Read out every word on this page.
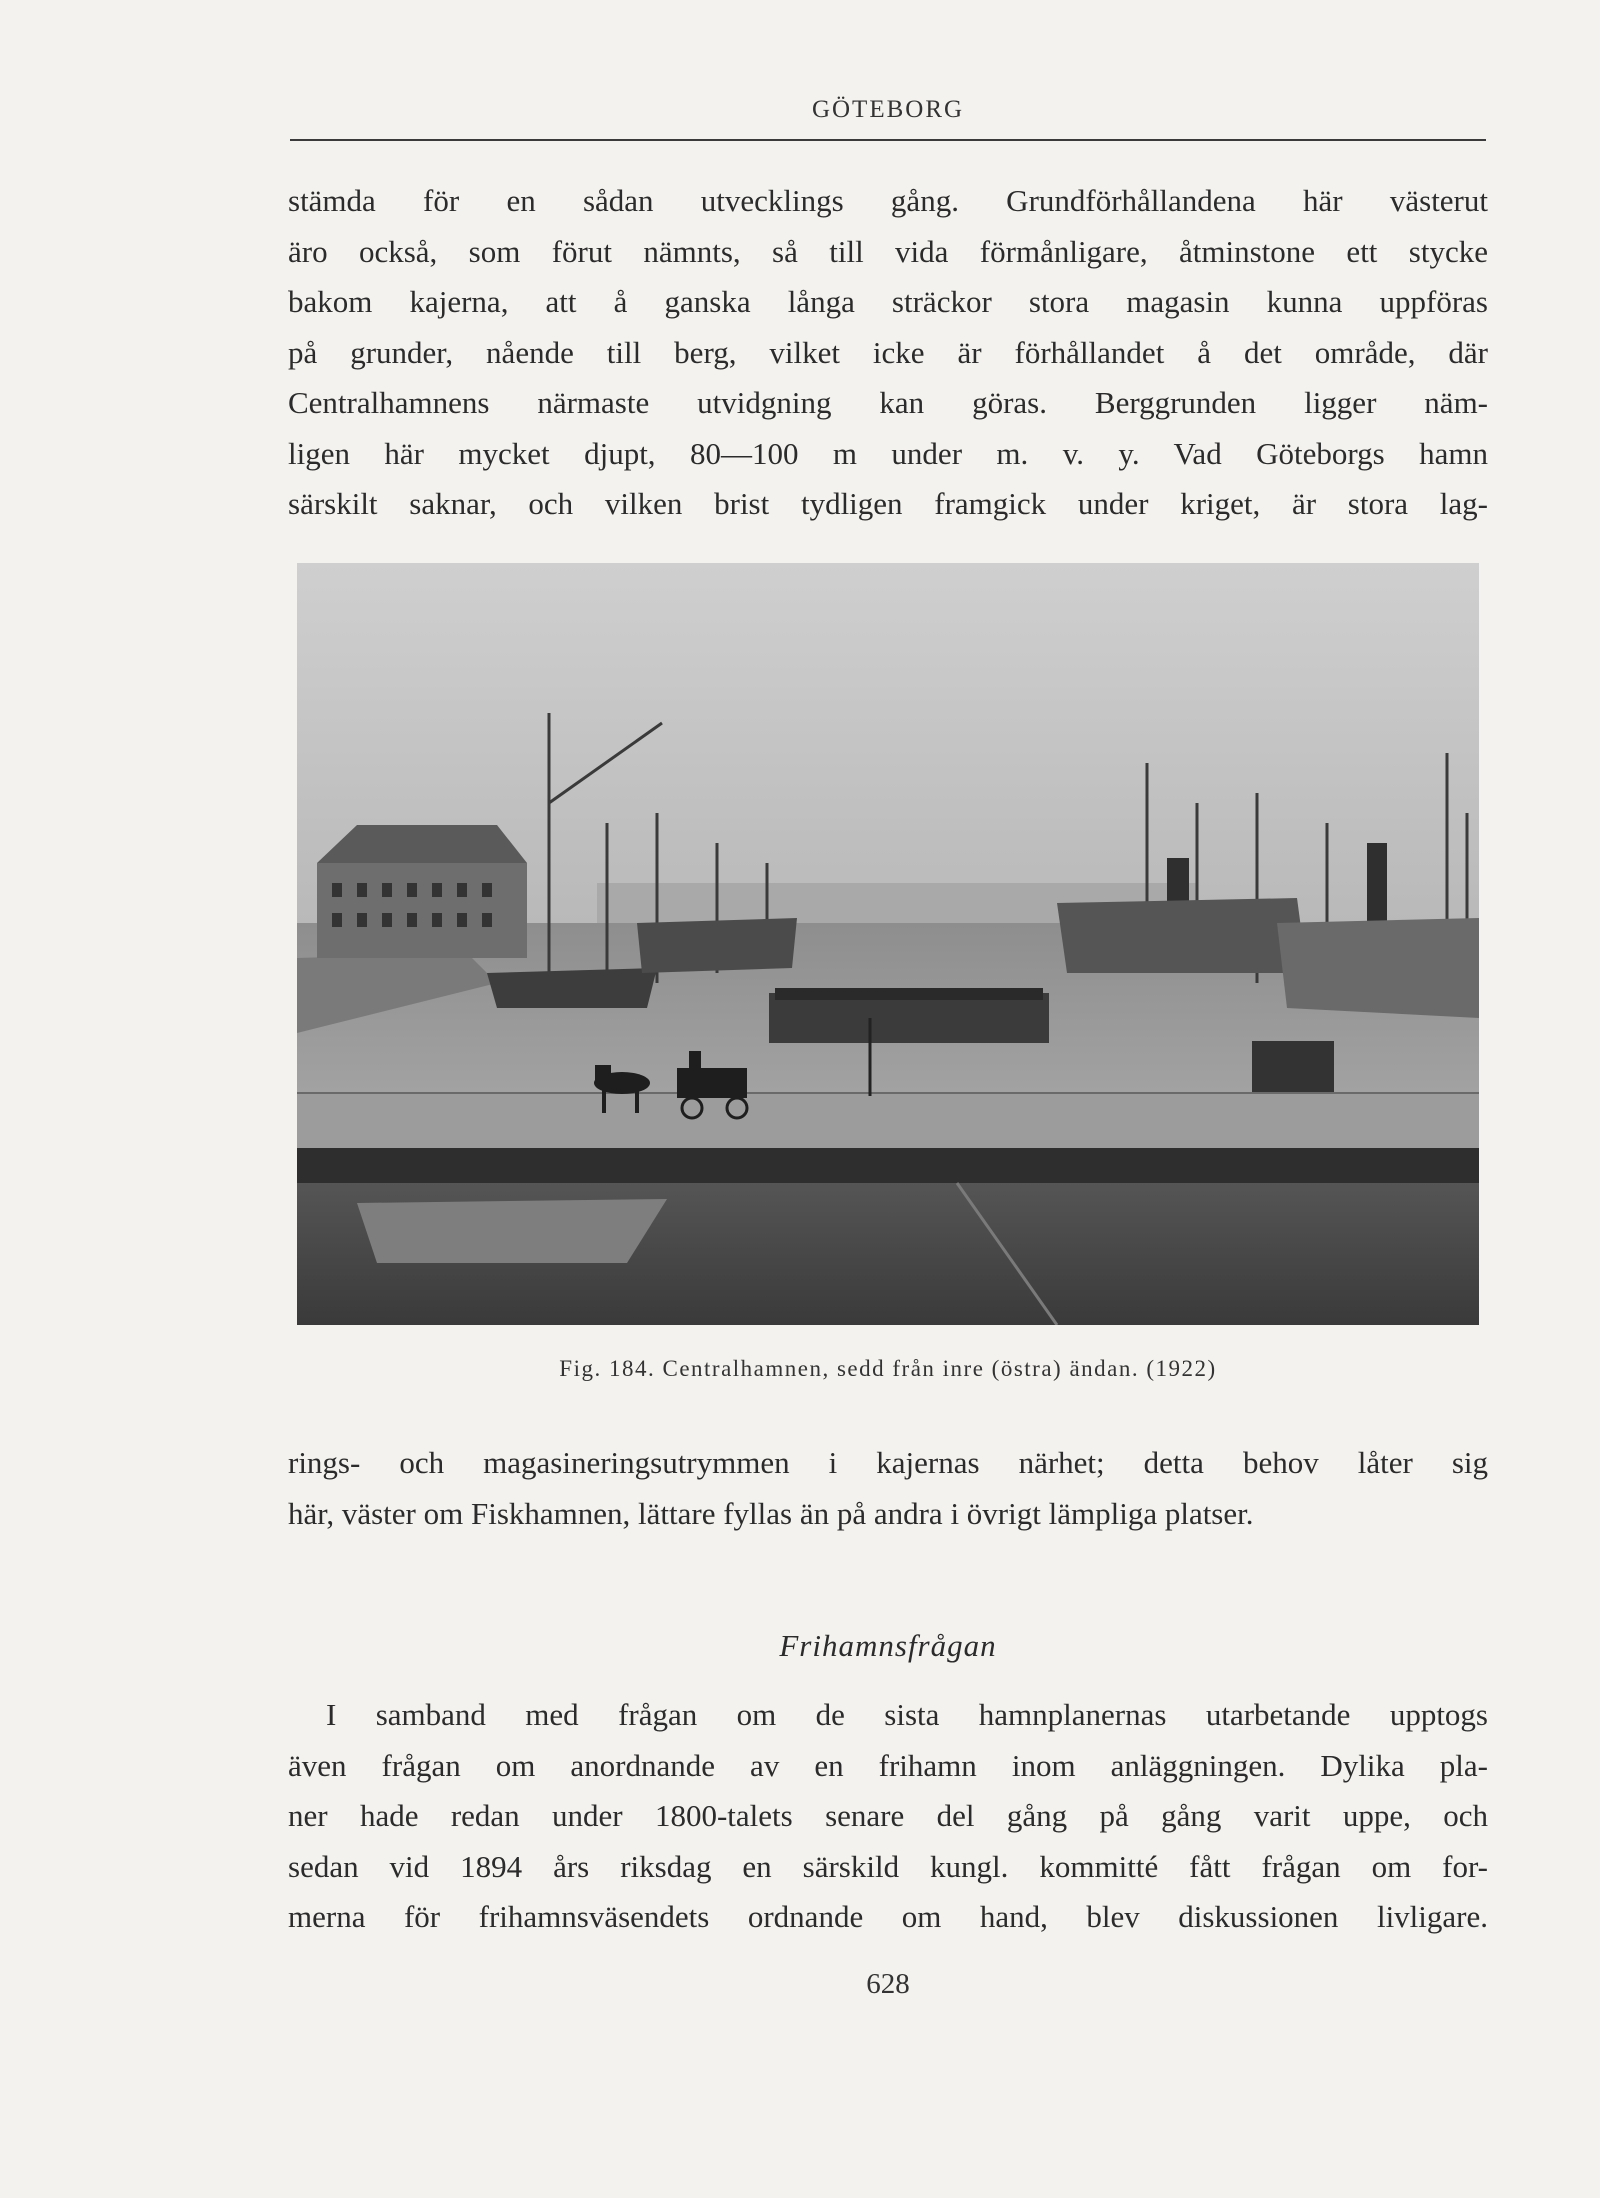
GÖTEBORG

stämda för en sådan utvecklings gång. Grundförhållandena här västerut
äro också, som förut nämnts, så till vida förmånligare, åtminstone ett stycke
bakom kajerna, att å ganska långa sträckor stora magasin kunna uppföras
på grunder, nående till berg, vilket icke är förhållandet å det område, där
Centralhamnens närmaste utvidgning kan göras. Berggrunden ligger näm-
ligen här mycket djupt, 80—100 m under m. v. y. Vad Göteborgs hamn
särskilt saknar, och vilken brist tydligen framgick under kriget, är stora lag-

Fig. 184. Centralhamnen, sedd från inre (östra) ändan. (1922)

rings- och magasineringsutrymmen i kajernas närhet; detta behov låter sig
här, väster om Fiskhamnen, lättare fyllas än på andra i övrigt lämpliga platser.

Frihamnsfrågan

I samband med frågan om de sista hamnplanernas utarbetande upptogs
även frågan om anordnande av en frihamn inom anläggningen. Dylika pla-
ner hade redan under 1800-talets senare del gång på gång varit uppe, och
sedan vid 1894 års riksdag en särskild kungl. kommitté fått frågan om for-
merna för frihamnsväsendets ordnande om hand, blev diskussionen livligare.

628
